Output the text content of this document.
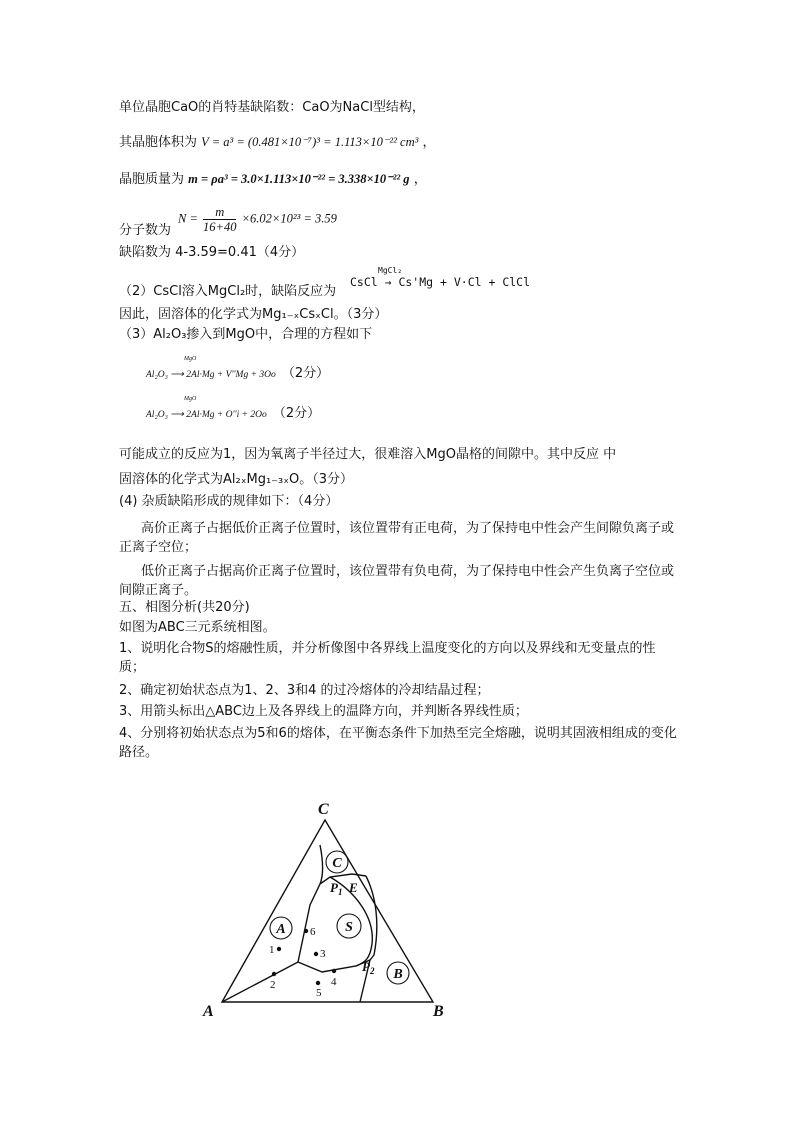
单位晶胞CaO的肖特基缺陷数：CaO为NaCl型结构，
其晶胞体积为 V = a³ = (0.481×10⁻⁷)³ = 1.113×10⁻²² cm³ ，
晶胞质量为 m = ρa³ = 3.0×1.113×10⁻²² = 3.338×10⁻²² g ，
分子数为
$N = \frac{m}{16+40} \times 6.02\times 10^{23} = 3.59$
缺陷数为 4-3.59=0.41（4分）
（2）CsCl溶入MgCl₂时，缺陷反应为
MgCl₂
CsCl → Cs'Mg + V·Cl + ClCl
因此，固溶体的化学式为Mg₁₋ₓCsₓCl。（3分）
（3）Al₂O₃掺入到MgO中，合理的方程如下
MgO
Al₂O₃ ⟶ 2Al·Mg + V''Mg + 3Oo （2分）
MgO
Al₂O₃ ⟶ 2Al·Mg + O''i + 2Oo （2分）
可能成立的反应为1，因为氧离子半径过大，很难溶入MgO晶格的间隙中。其中反应 中
固溶体的化学式为Al₂ₓMg₁₋₃ₓO。（3分）
(4) 杂质缺陷形成的规律如下：（4分）
高价正离子占据低价正离子位置时，该位置带有正电荷，为了保持电中性会产生间隙负离子或正离子空位；
低价正离子占据高价正离子位置时，该位置带有负电荷，为了保持电中性会产生负离子空位或间隙正离子。
五、相图分析(共20分)
如图为ABC三元系统相图。
1、说明化合物S的熔融性质，并分析像图中各界线上温度变化的方向以及界线和无变量点的性质；
2、确定初始状态点为1、2、3和4 的过冷熔体的冷却结晶过程；
3、用箭头标出△ABC边上及各界线上的温降方向，并判断各界线性质；
4、分别将初始状态点为5和6的熔体，在平衡态条件下加热至完全熔融，说明其固液相组成的变化路径。
A	B
C
A
B
C
S
$P_1$ E
$P_2$
1
2
3
4
5
6
